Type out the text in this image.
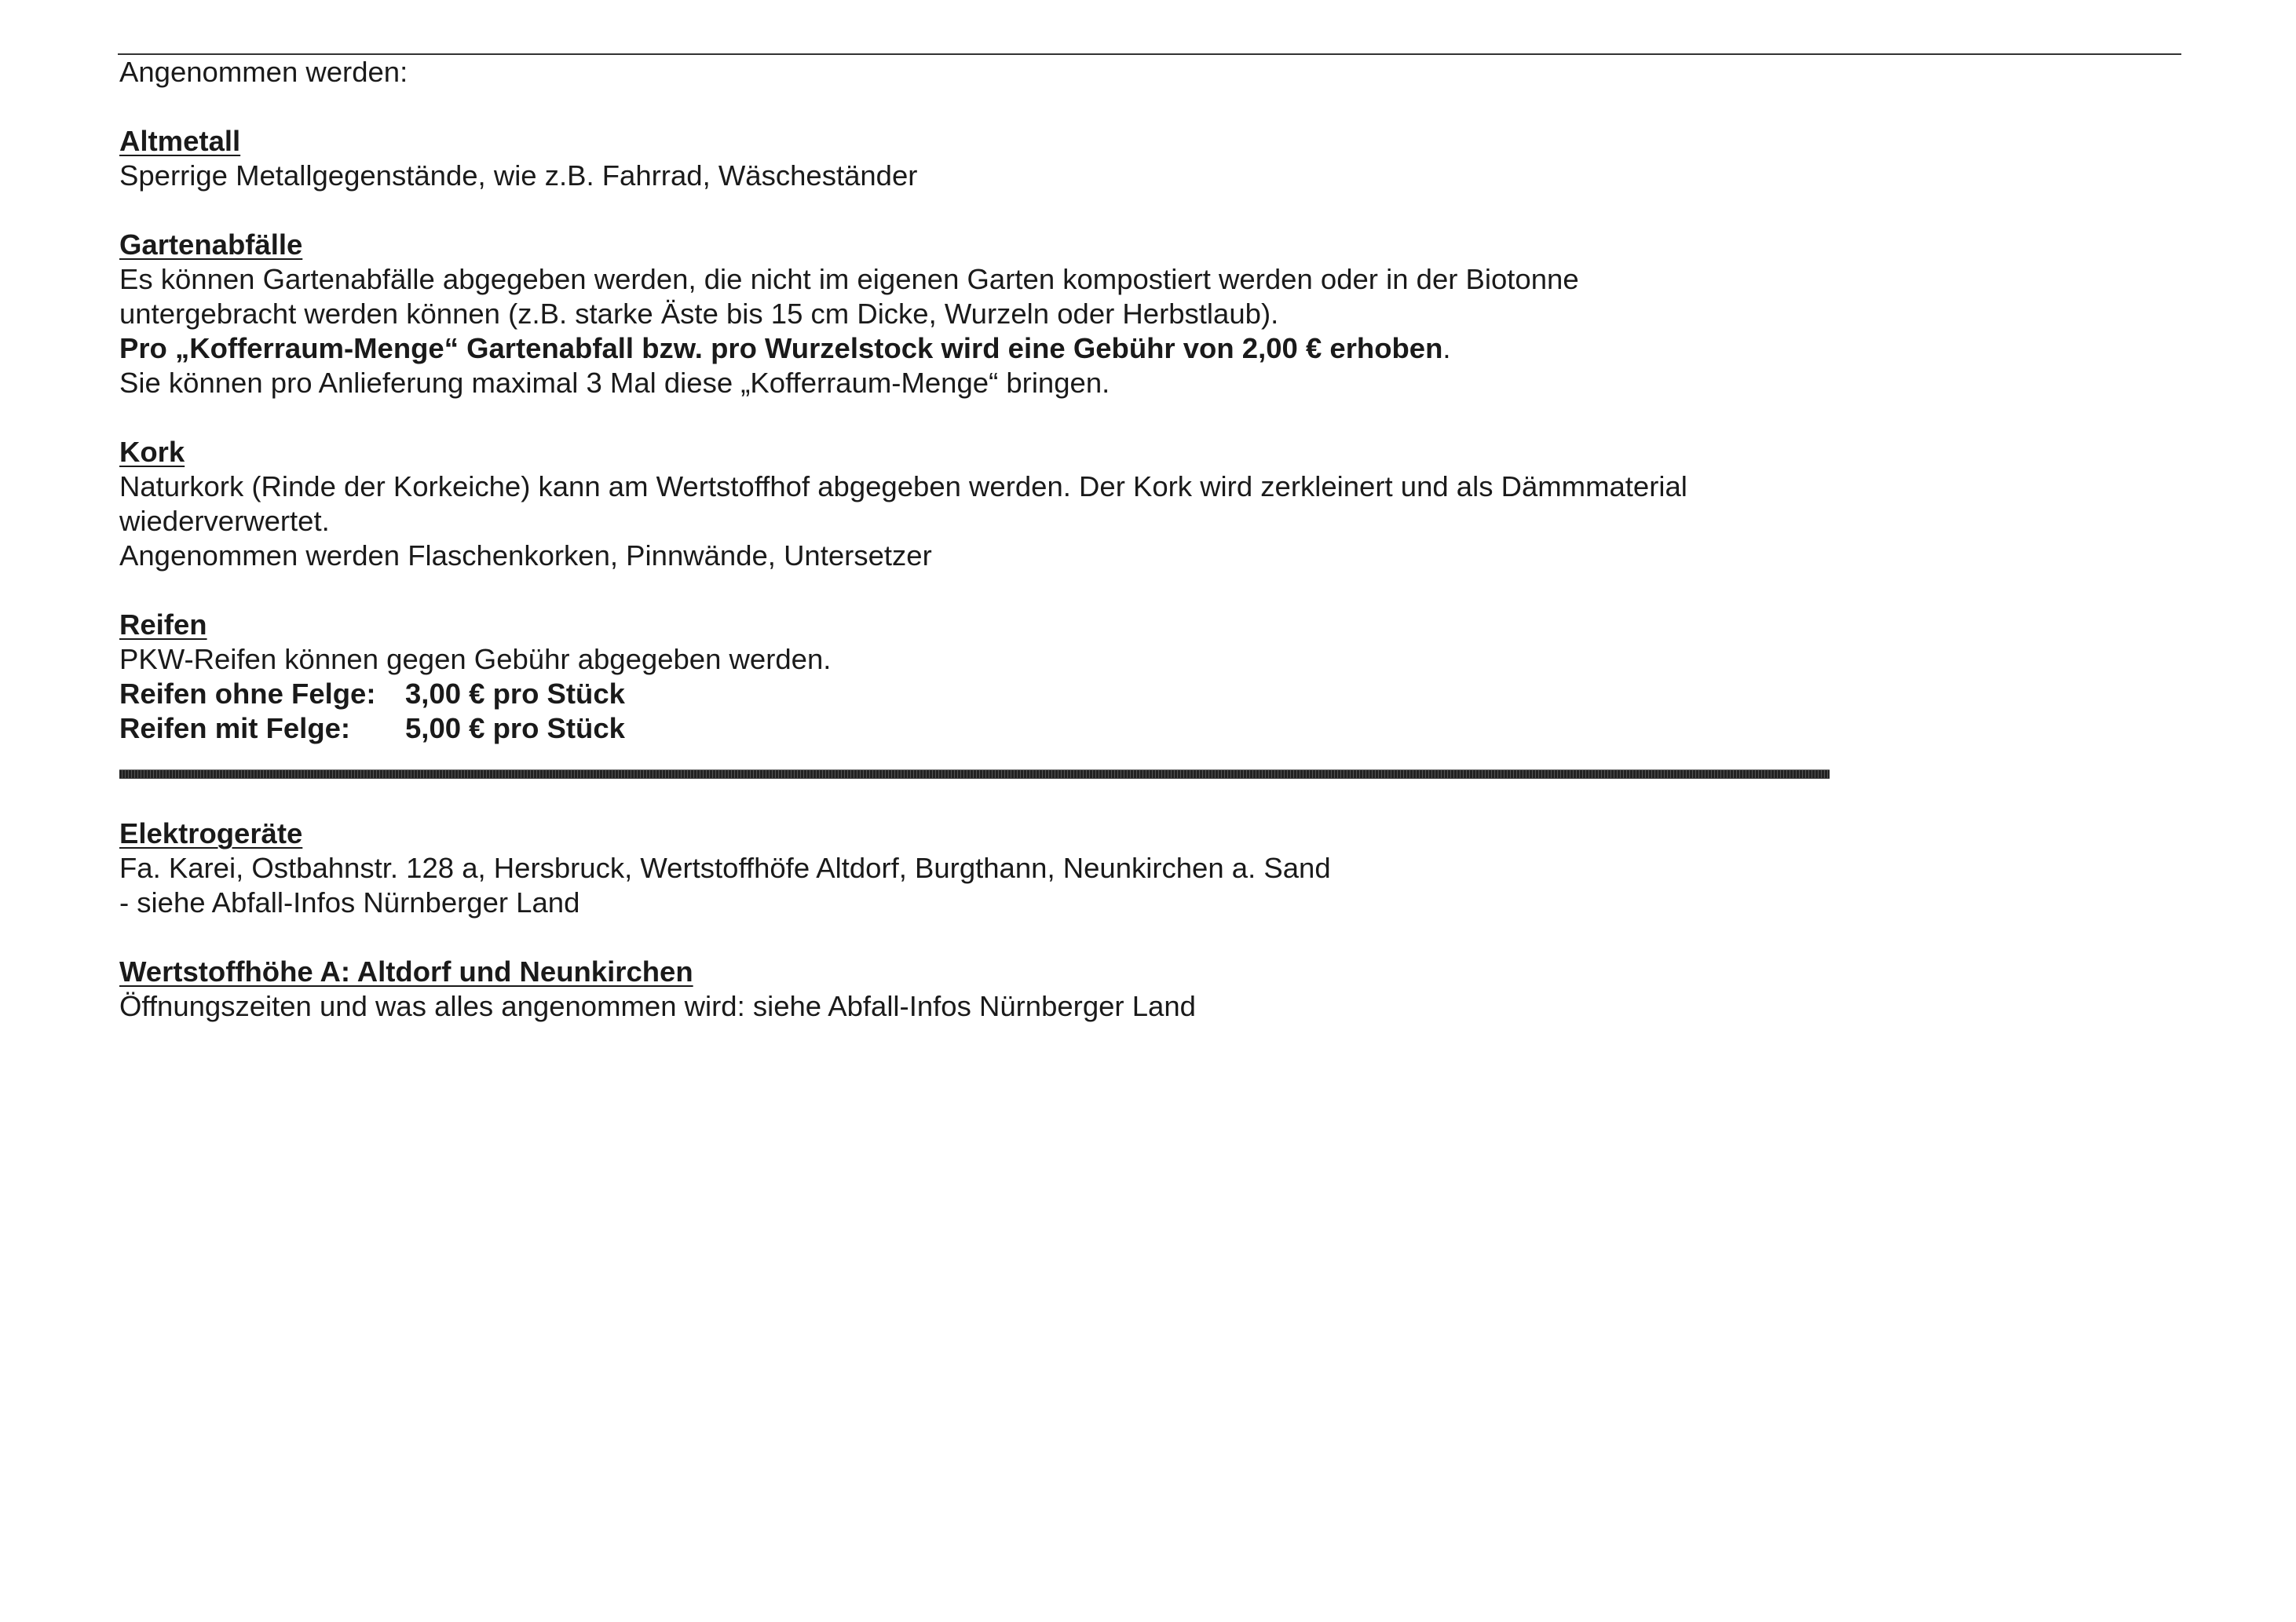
Angenommen werden:
Altmetall
Sperrige Metallgegenstände, wie z.B. Fahrrad, Wäscheständer
Gartenabfälle
Es können Gartenabfälle abgegeben werden, die nicht im eigenen Garten kompostiert werden oder in der Biotonne
untergebracht werden können (z.B. starke Äste bis 15 cm Dicke, Wurzeln oder Herbstlaub).
Pro „Kofferraum-Menge“ Gartenabfall bzw. pro Wurzelstock wird eine Gebühr von 2,00 € erhoben.
Sie können pro Anlieferung maximal 3 Mal diese „Kofferraum-Menge“ bringen.
Kork
Naturkork (Rinde der Korkeiche) kann am Wertstoffhof abgegeben werden. Der Kork wird zerkleinert und als Dämmmaterial
wiederverwertet.
Angenommen werden Flaschenkorken, Pinnwände, Untersetzer
Reifen
PKW-Reifen können gegen Gebühr abgegeben werden.
Reifen ohne Felge:	3,00 € pro Stück
Reifen mit Felge:	5,00 € pro Stück
Elektrogeräte
Fa. Karei, Ostbahnstr. 128 a, Hersbruck, Wertstoffhöfe Altdorf, Burgthann, Neunkirchen a. Sand
- siehe Abfall-Infos Nürnberger Land
Wertstoffhöhe A: Altdorf und Neunkirchen
Öffnungszeiten und was alles angenommen wird: siehe Abfall-Infos Nürnberger Land
